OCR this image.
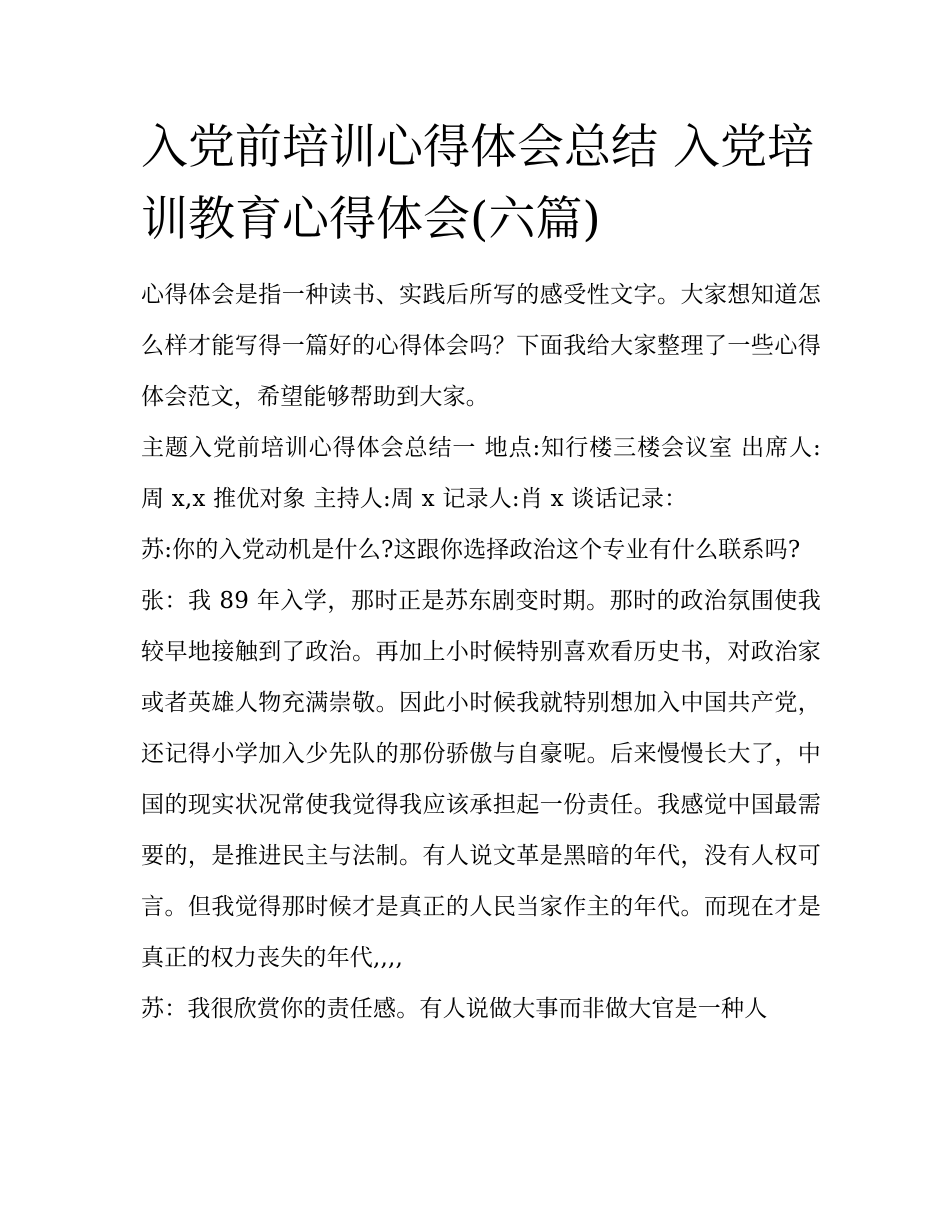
入党前培训心得体会总结 入党培训教育心得体会(六篇)

心得体会是指一种读书、实践后所写的感受性文字。大家想知道怎么样才能写得一篇好的心得体会吗？下面我给大家整理了一些心得体会范文，希望能够帮助到大家。

主题入党前培训心得体会总结一 地点:知行楼三楼会议室 出席人:周 x,x 推优对象 主持人:周 x 记录人:肖 x 谈话记录：

苏:你的入党动机是什么?这跟你选择政治这个专业有什么联系吗?

张：我 89 年入学，那时正是苏东剧变时期。那时的政治氛围使我较早地接触到了政治。再加上小时候特别喜欢看历史书，对政治家或者英雄人物充满崇敬。因此小时候我就特别想加入中国共产党，还记得小学加入少先队的那份骄傲与自豪呢。后来慢慢长大了，中国的现实状况常使我觉得我应该承担起一份责任。我感觉中国最需要的，是推进民主与法制。有人说文革是黑暗的年代，没有人权可言。但我觉得那时候才是真正的人民当家作主的年代。而现在才是真正的权力丧失的年代,,,,

苏：我很欣赏你的责任感。有人说做大事而非做大官是一种人
